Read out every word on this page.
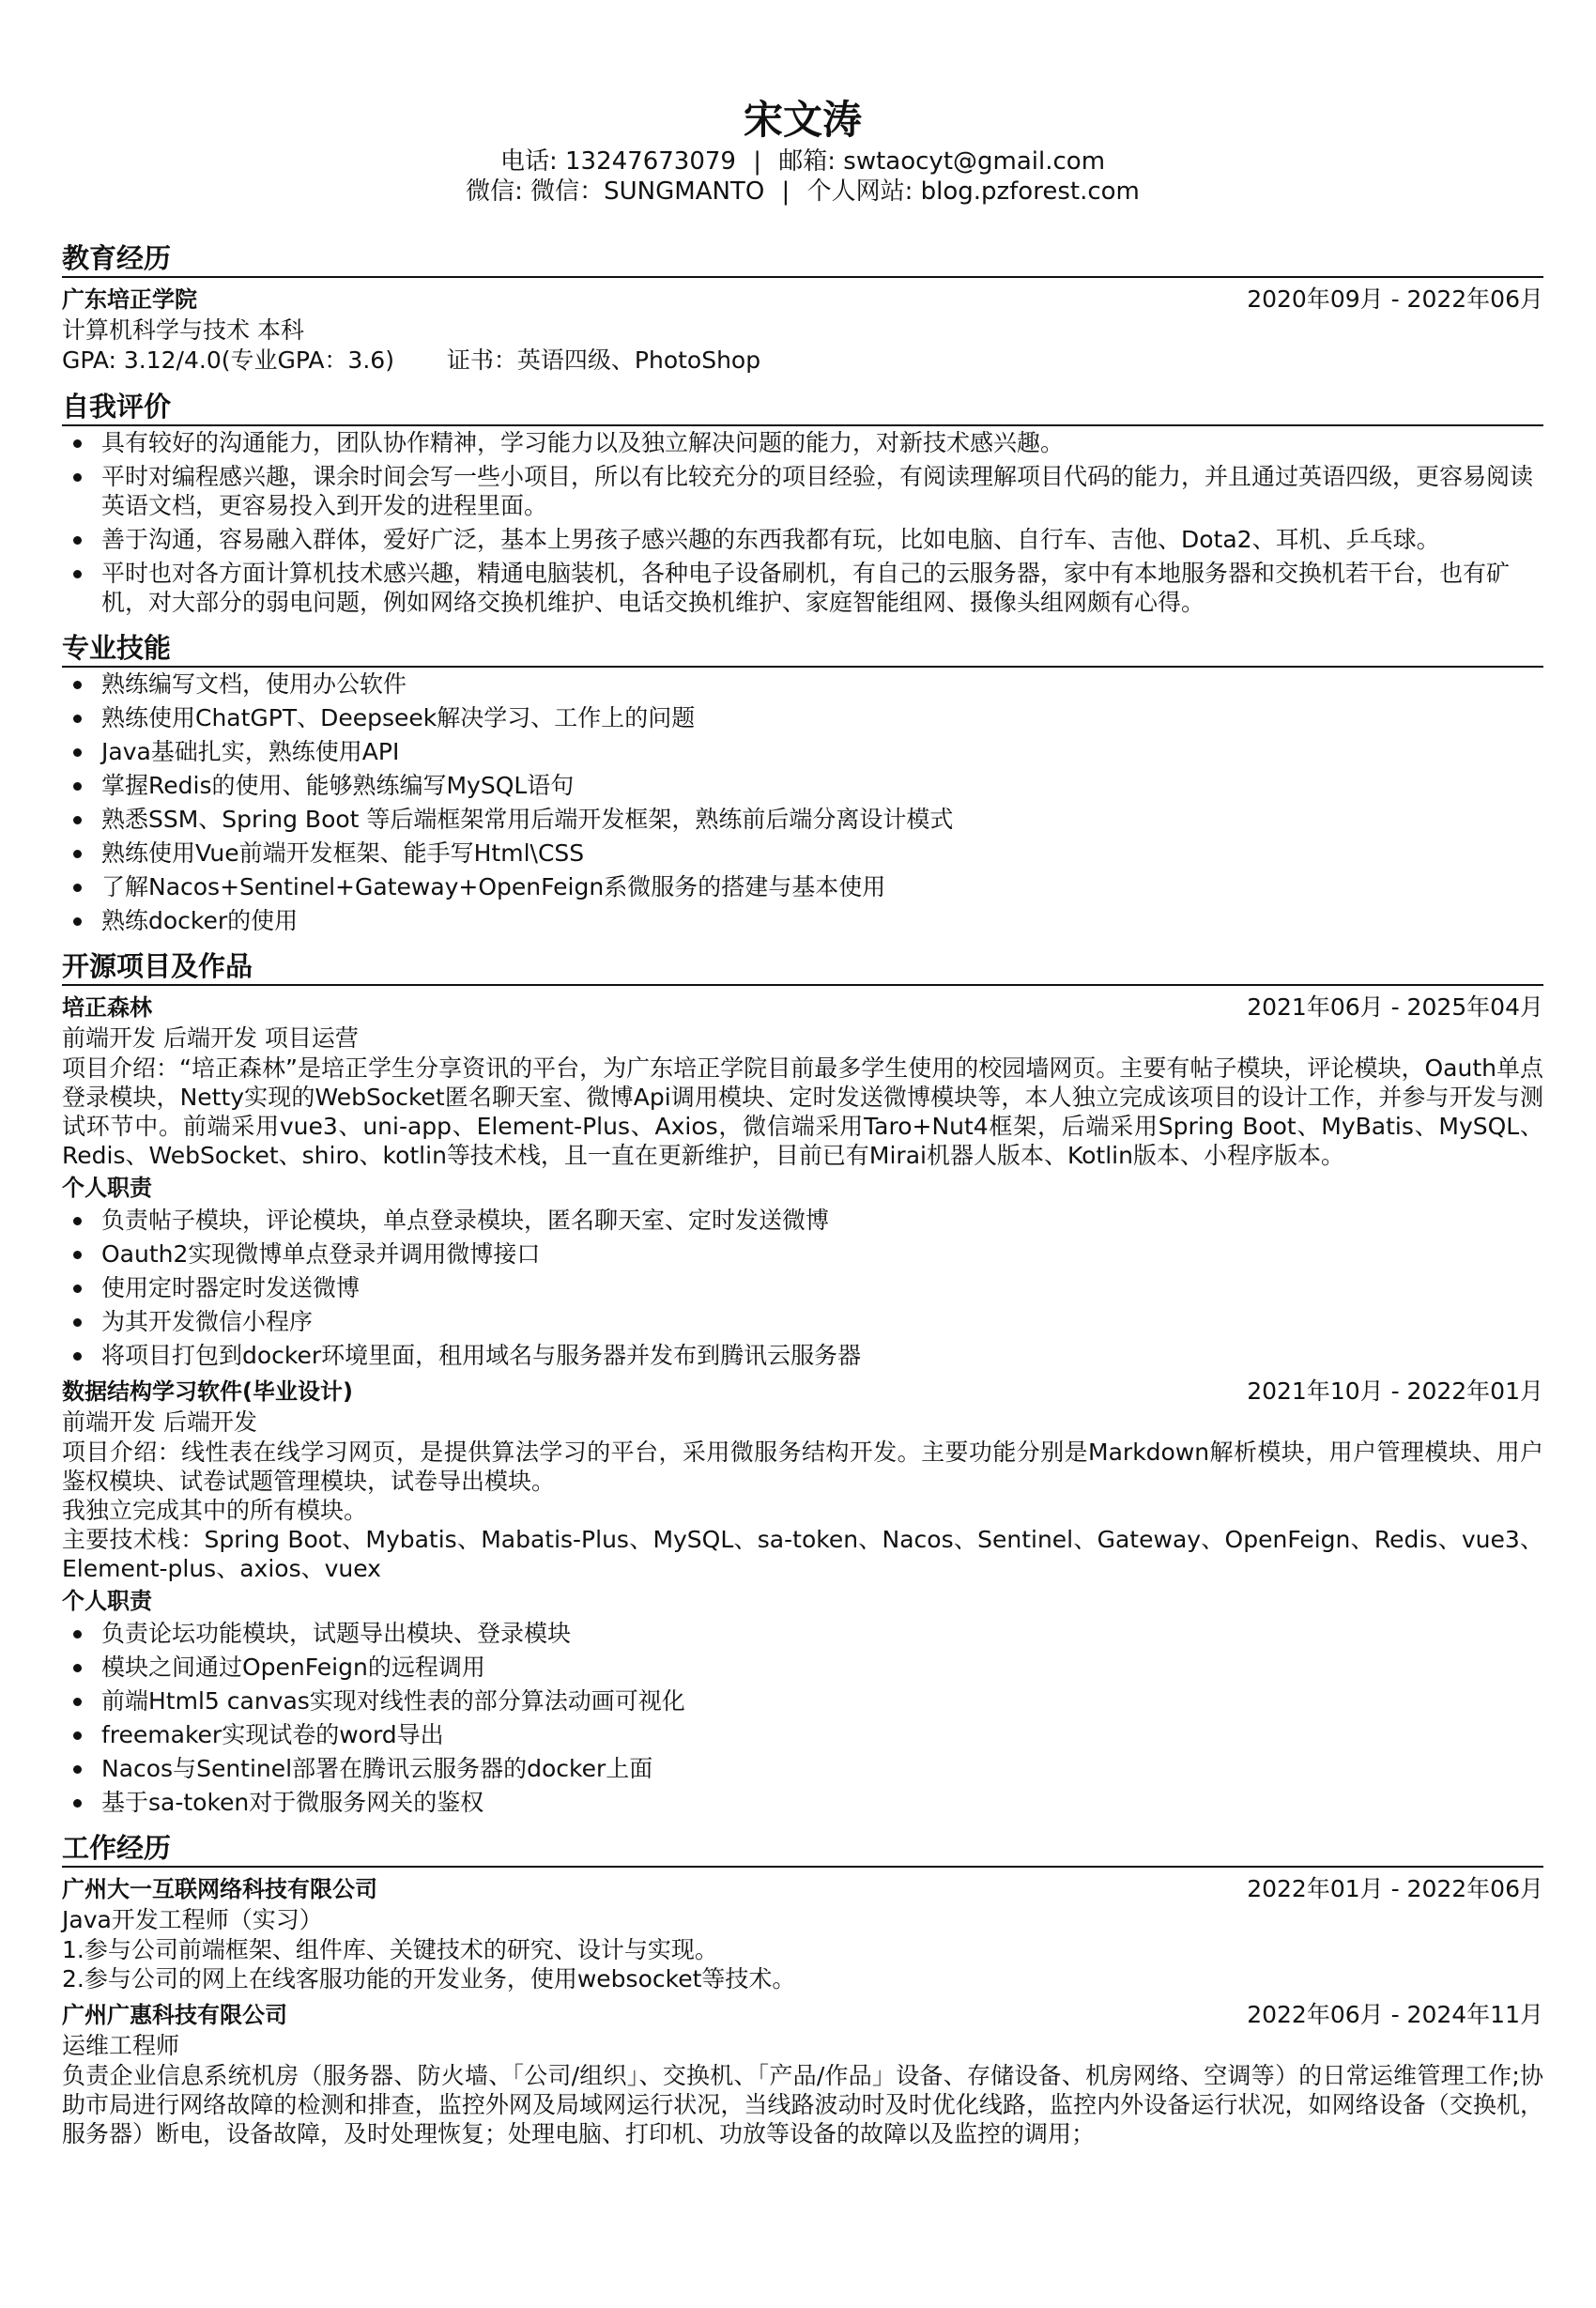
宋文涛
电话: 13247673079 | 邮箱: swtaocyt@gmail.com
微信: 微信：SUNGMANTO | 个人网站: blog.pzforest.com
教育经历
广东培正学院	2020年09月 - 2022年06月
计算机科学与技术 本科
GPA: 3.12/4.0(专业GPA：3.6) 证书：英语四级、PhotoShop
自我评价
具有较好的沟通能力，团队协作精神，学习能力以及独立解决问题的能力，对新技术感兴趣。
平时对编程感兴趣，课余时间会写一些小项目，所以有比较充分的项目经验，有阅读理解项目代码的能力，并且通过英语四级，更容易阅读英语文档，更容易投入到开发的进程里面。
善于沟通，容易融入群体，爱好广泛，基本上男孩子感兴趣的东西我都有玩，比如电脑、自行车、吉他、Dota2、耳机、乒乓球。
平时也对各方面计算机技术感兴趣，精通电脑装机，各种电子设备刷机，有自己的云服务器，家中有本地服务器和交换机若干台，也有矿机，对大部分的弱电问题，例如网络交换机维护、电话交换机维护、家庭智能组网、摄像头组网颇有心得。
专业技能
熟练编写文档，使用办公软件
熟练使用ChatGPT、Deepseek解决学习、工作上的问题
Java基础扎实，熟练使用API
掌握Redis的使用、能够熟练编写MySQL语句
熟悉SSM、Spring Boot 等后端框架常用后端开发框架，熟练前后端分离设计模式
熟练使用Vue前端开发框架、能手写Html\CSS
了解Nacos+Sentinel+Gateway+OpenFeign系微服务的搭建与基本使用
熟练docker的使用
开源项目及作品
培正森林	2021年06月 - 2025年04月
前端开发 后端开发 项目运营
项目介绍：“培正森林”是培正学生分享资讯的平台，为广东培正学院目前最多学生使用的校园墙网页。主要有帖子模块，评论模块，Oauth单点登录模块，Netty实现的WebSocket匿名聊天室、微博Api调用模块、定时发送微博模块等，本人独立完成该项目的设计工作，并参与开发与测试环节中。前端采用vue3、uni-app、Element-Plus、Axios，微信端采用Taro+Nut4框架，后端采用Spring Boot、MyBatis、MySQL、Redis、WebSocket、shiro、kotlin等技术栈，且一直在更新维护，目前已有Mirai机器人版本、Kotlin版本、小程序版本。
个人职责
负责帖子模块，评论模块，单点登录模块，匿名聊天室、定时发送微博
Oauth2实现微博单点登录并调用微博接口
使用定时器定时发送微博
为其开发微信小程序
将项目打包到docker环境里面，租用域名与服务器并发布到腾讯云服务器
数据结构学习软件(毕业设计)	2021年10月 - 2022年01月
前端开发 后端开发
项目介绍：线性表在线学习网页，是提供算法学习的平台，采用微服务结构开发。主要功能分别是Markdown解析模块，用户管理模块、用户鉴权模块、试卷试题管理模块，试卷导出模块。
我独立完成其中的所有模块。
主要技术栈：Spring Boot、Mybatis、Mabatis-Plus、MySQL、sa-token、Nacos、Sentinel、Gateway、OpenFeign、Redis、vue3、Element-plus、axios、vuex
个人职责
负责论坛功能模块，试题导出模块、登录模块
模块之间通过OpenFeign的远程调用
前端Html5 canvas实现对线性表的部分算法动画可视化
freemaker实现试卷的word导出
Nacos与Sentinel部署在腾讯云服务器的docker上面
基于sa-token对于微服务网关的鉴权
工作经历
广州大一互联网络科技有限公司	2022年01月 - 2022年06月
Java开发工程师（实习）
1.参与公司前端框架、组件库、关键技术的研究、设计与实现。
2.参与公司的网上在线客服功能的开发业务，使用websocket等技术。
广州广惠科技有限公司	2022年06月 - 2024年11月
运维工程师
负责企业信息系统机房（服务器、防火墙、「公司/组织」、交换机、「产品/作品」设备、存储设备、机房网络、空调等）的日常运维管理工作;协助市局进行网络故障的检测和排查，监控外网及局域网运行状况，当线路波动时及时优化线路，监控内外设备运行状况，如网络设备（交换机，服务器）断电，设备故障，及时处理恢复；处理电脑、打印机、功放等设备的故障以及监控的调用；
